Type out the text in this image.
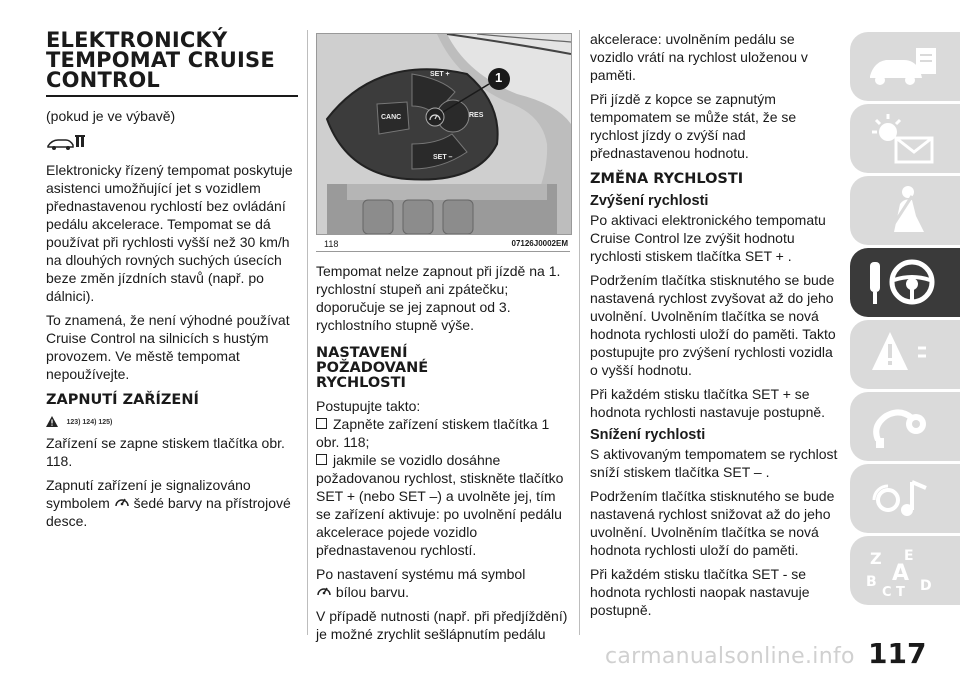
ELEKTRONICKÝ
TEMPOMAT CRUISE
CONTROL

(pokud je ve výbavě)

Elektronicky řízený tempomat poskytuje asistenci umožňující jet s vozidlem přednastavenou rychlostí bez ovládání pedálu akcelerace. Tempomat se dá používat při rychlosti vyšší než 30 km/h na dlouhých rovných suchých úsecích beze změn jízdních stavů (např. po dálnici).

To znamená, že není výhodné používat Cruise Control na silnicích s hustým provozem. Ve městě tempomat nepoužívejte.

ZAPNUTÍ ZAŘÍZENÍ
123) 124) 125)

Zařízení se zapne stiskem tlačítka obr. 118.

Zapnutí zařízení je signalizováno symbolem šedé barvy na přístrojové desce.

SET +
CANC	RES
SET –
1
118	07126J0002EM

Tempomat nelze zapnout při jízdě na 1. rychlostní stupeň ani zpátečku; doporučuje se jej zapnout od 3. rychlostního stupně výše.

NASTAVENÍ
POŽADOVANÉ
RYCHLOSTI

Postupujte takto:

Zapněte zařízení stiskem tlačítka 1 obr. 118;

jakmile se vozidlo dosáhne požadovanou rychlost, stiskněte tlačítko SET + (nebo SET –) a uvolněte jej, tím se zařízení aktivuje: po uvolnění pedálu akcelerace pojede vozidlo přednastavenou rychlostí.

Po nastavení systému má symbol
bílou barvu.

V případě nutnosti (např. při předjíždění) je možné zrychlit sešlápnutím pedálu

akcelerace: uvolněním pedálu se vozidlo vrátí na rychlost uloženou v paměti.

Při jízdě z kopce se zapnutým tempomatem se může stát, že se rychlost jízdy o zvýší nad přednastavenou hodnotu.

ZMĚNA RYCHLOSTI
Zvýšení rychlosti

Po aktivaci elektronického tempomatu Cruise Control lze zvýšit hodnotu rychlosti stiskem tlačítka SET + .

Podržením tlačítka stisknutého se bude nastavená rychlost zvyšovat až do jeho uvolnění. Uvolněním tlačítka se nová hodnota rychlosti uloží do paměti. Takto postupujte pro zvýšení rychlosti vozidla o vyšší hodnotu.

Při každém stisku tlačítka SET + se hodnota rychlosti nastavuje postupně.

Snížení rychlosti

S aktivovaným tempomatem se rychlost sníží stiskem tlačítka SET – .

Podržením tlačítka stisknutého se bude nastavená rychlost snižovat až do jeho uvolnění. Uvolněním tlačítka se nová hodnota rychlosti uloží do paměti.

Při každém stisku tlačítka SET - se hodnota rychlosti naopak nastavuje postupně.

Z E
B A
C T D
carmanualsonline.info 117
